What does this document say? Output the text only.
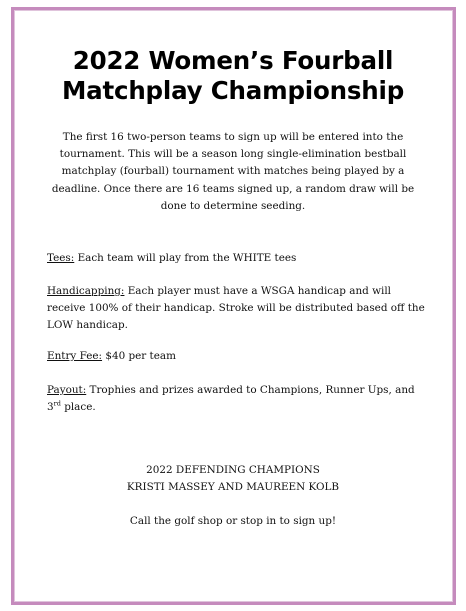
2022 Women’s Fourball
Matchplay Championship
The first 16 two-person teams to sign up will be entered into the
tournament. This will be a season long single-elimination bestball
matchplay (fourball) tournament with matches being played by a
deadline. Once there are 16 teams signed up, a random draw will be
done to determine seeding.
Tees: Each team will play from the WHITE tees
Handicapping: Each player must have a WSGA handicap and will
receive 100% of their handicap. Stroke will be distributed based off the
LOW handicap.
Entry Fee: $40 per team
Payout: Trophies and prizes awarded to Champions, Runner Ups, and
3rd place.
2022 DEFENDING CHAMPIONS
KRISTI MASSEY AND MAUREEN KOLB
Call the golf shop or stop in to sign up!
